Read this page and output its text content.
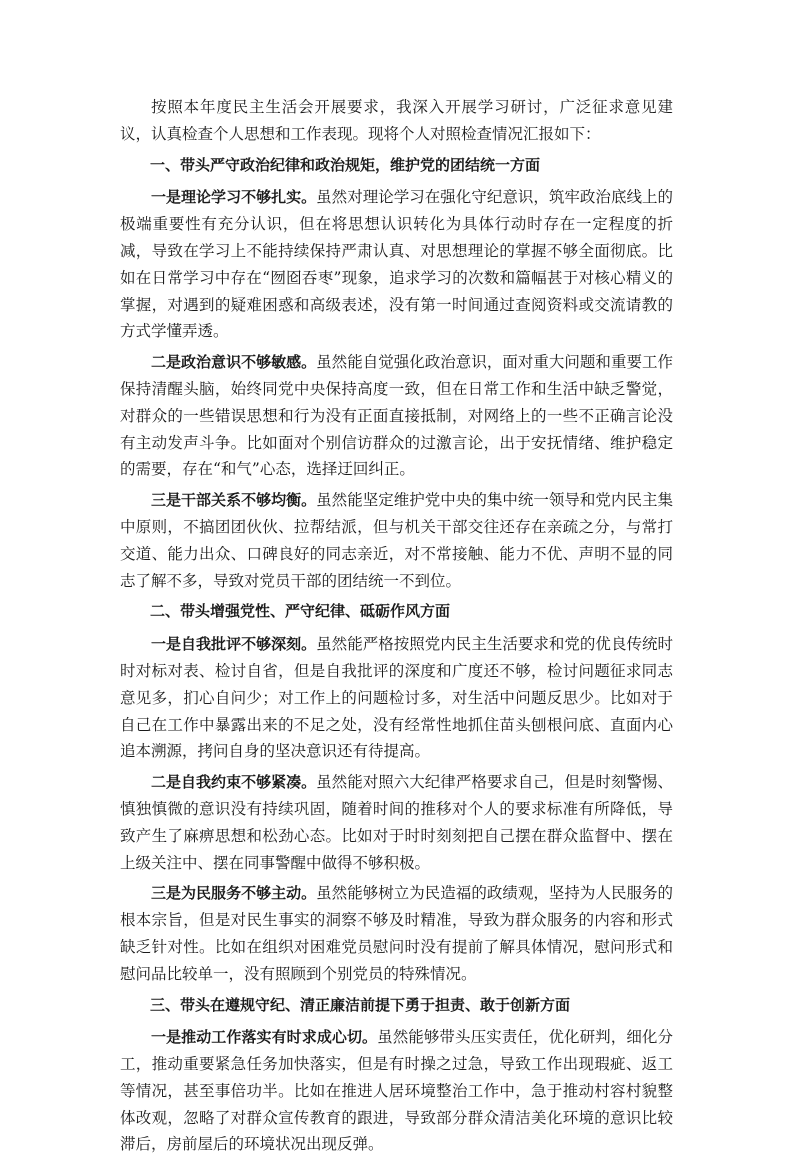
按照本年度民主生活会开展要求，我深入开展学习研讨，广泛征求意见建议，认真检查个人思想和工作表现。现将个人对照检查情况汇报如下：

一、带头严守政治纪律和政治规矩，维护党的团结统一方面

一是理论学习不够扎实。虽然对理论学习在强化守纪意识，筑牢政治底线上的极端重要性有充分认识，但在将思想认识转化为具体行动时存在一定程度的折减，导致在学习上不能持续保持严肃认真、对思想理论的掌握不够全面彻底。比如在日常学习中存在“囫囵吞枣”现象，追求学习的次数和篇幅甚于对核心精义的掌握，对遇到的疑难困惑和高级表述，没有第一时间通过查阅资料或交流请教的方式学懂弄透。

二是政治意识不够敏感。虽然能自觉强化政治意识，面对重大问题和重要工作保持清醒头脑，始终同党中央保持高度一致，但在日常工作和生活中缺乏警觉，对群众的一些错误思想和行为没有正面直接抵制，对网络上的一些不正确言论没有主动发声斗争。比如面对个别信访群众的过激言论，出于安抚情绪、维护稳定的需要，存在“和气”心态，选择迂回纠正。

三是干部关系不够均衡。虽然能坚定维护党中央的集中统一领导和党内民主集中原则，不搞团团伙伙、拉帮结派，但与机关干部交往还存在亲疏之分，与常打交道、能力出众、口碑良好的同志亲近，对不常接触、能力不优、声明不显的同志了解不多，导致对党员干部的团结统一不到位。

二、带头增强党性、严守纪律、砥砺作风方面

一是自我批评不够深刻。虽然能严格按照党内民主生活要求和党的优良传统时时对标对表、检讨自省，但是自我批评的深度和广度还不够，检讨问题征求同志意见多，扪心自问少；对工作上的问题检讨多，对生活中问题反思少。比如对于自己在工作中暴露出来的不足之处，没有经常性地抓住苗头刨根问底、直面内心追本溯源，拷问自身的坚决意识还有待提高。

二是自我约束不够紧凑。虽然能对照六大纪律严格要求自己，但是时刻警惕、慎独慎微的意识没有持续巩固，随着时间的推移对个人的要求标准有所降低，导致产生了麻痹思想和松劲心态。比如对于时时刻刻把自己摆在群众监督中、摆在上级关注中、摆在同事警醒中做得不够积极。

三是为民服务不够主动。虽然能够树立为民造福的政绩观，坚持为人民服务的根本宗旨，但是对民生事实的洞察不够及时精准，导致为群众服务的内容和形式缺乏针对性。比如在组织对困难党员慰问时没有提前了解具体情况，慰问形式和慰问品比较单一，没有照顾到个别党员的特殊情况。

三、带头在遵规守纪、清正廉洁前提下勇于担责、敢于创新方面

一是推动工作落实有时求成心切。虽然能够带头压实责任，优化研判，细化分工，推动重要紧急任务加快落实，但是有时操之过急，导致工作出现瑕疵、返工等情况，甚至事倍功半。比如在推进人居环境整治工作中，急于推动村容村貌整体改观，忽略了对群众宣传教育的跟进，导致部分群众清洁美化环境的意识比较滞后，房前屋后的环境状况出现反弹。
